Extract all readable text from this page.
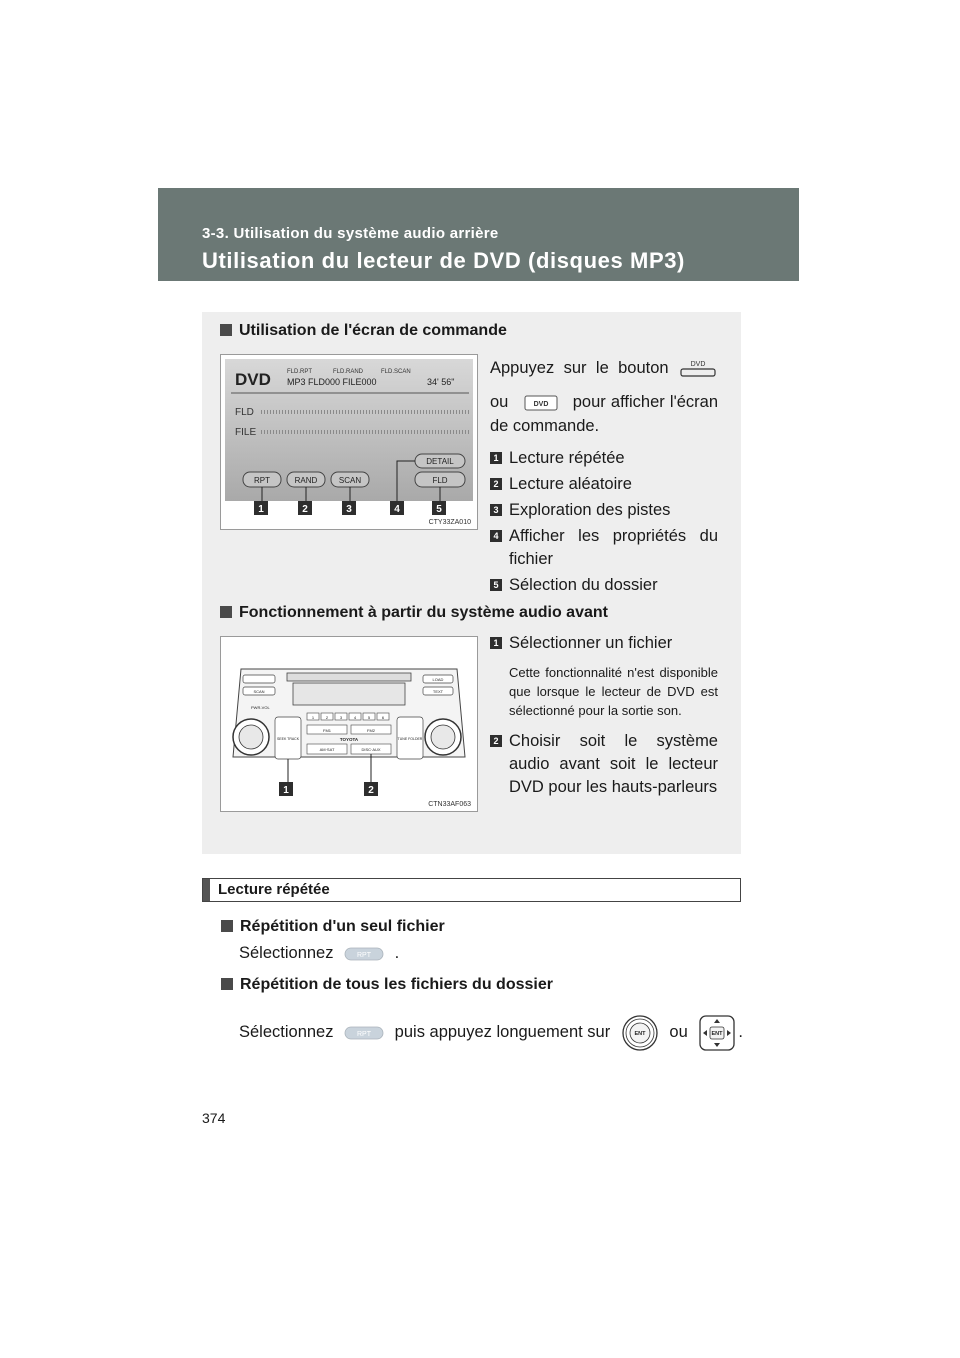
3-3. Utilisation du système audio arrière
Utilisation du lecteur de DVD (disques MP3)
Utilisation de l'écran de commande
DVD	FLD.RPT	FLD.RAND	FLD.SCAN
MP3 FLD000 FILE000	34' 56"
FLD
FILE
RPT	RAND	SCAN
DETAIL
FLD
1	2	3	4	5
CTY33ZA010
Appuyez sur le bouton	DVD
ou	DVD pour afficher l'écran de commande.
1 Lecture répétée
2 Lecture aléatoire
3 Exploration des pistes
4 Afficher les propriétés du fichier
5 Sélection du dossier
Fonctionnement à partir du système audio avant
SCAN
LOAD
TEXT
PWR-VOL
1	2	3	4	5	6
FM1	FM2
TOYOTA
AM·SAT	DISC·AUX
SEEK TRACK	TUNE FOLDER
1	2
CTN33AF063
1 Sélectionner un fichier
Cette fonctionnalité n'est disponible que lorsque le lecteur de DVD est sélectionné pour la sortie son.
2 Choisir soit le système audio avant soit le lecteur DVD pour les hauts-parleurs
Lecture répétée
Répétition d'un seul fichier
Sélectionnez	RPT .
Répétition de tous les fichiers du dossier
Sélectionnez	RPT puis appuyez longuement sur	ENT ou	ENT .
374
